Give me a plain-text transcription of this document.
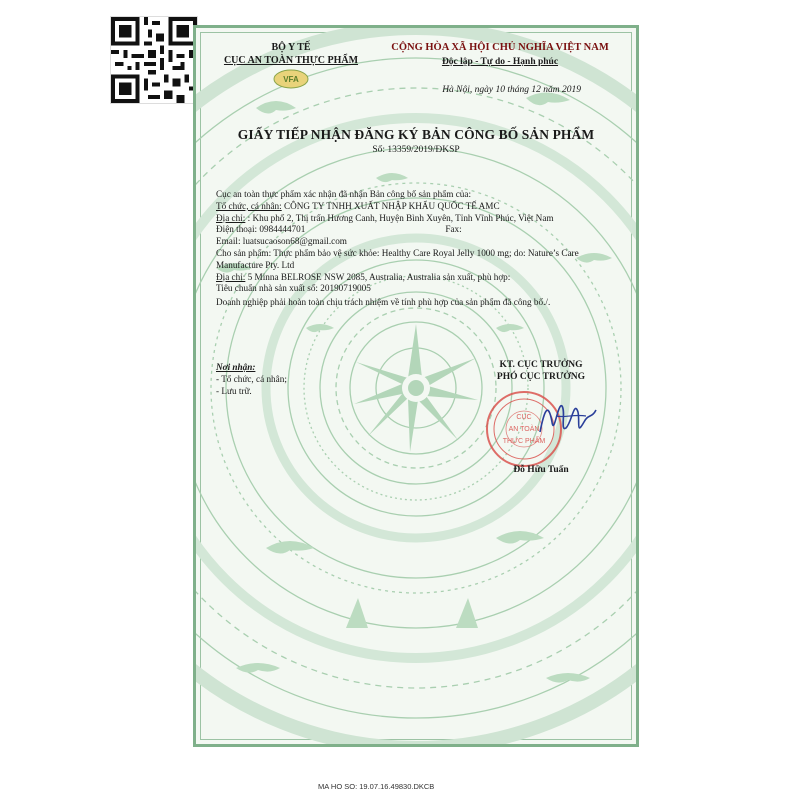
BỘ Y TẾ
CỤC AN TOÀN THỰC PHẨM
VFA
CỘNG HÒA XÃ HỘI CHỦ NGHĨA VIỆT NAM
Độc lập - Tự do - Hạnh phúc
Hà Nội, ngày 10 tháng 12 năm 2019
GIẤY TIẾP NHẬN ĐĂNG KÝ BẢN CÔNG BỐ SẢN PHẨM
Số: 13359/2019/ĐKSP

Cục an toàn thực phẩm xác nhận đã nhận Bản công bố sản phẩm của:

Tổ chức, cá nhân: CÔNG TY TNHH XUẤT NHẬP KHẨU QUỐC TẾ AMC

Địa chỉ: : Khu phố 2, Thị trấn Hương Canh, Huyện Bình Xuyên, Tỉnh Vĩnh Phúc, Việt Nam

Điện thoại: 0984444701	Fax:

Email: luatsucaoson68@gmail.com

Cho sản phẩm: Thực phẩm bảo vệ sức khỏe: Healthy Care Royal Jelly 1000 mg; do: Nature’s Care Manufacture Pty. Ltd

Địa chỉ: 5 Minna BELROSE NSW 2085, Australia, Australia sản xuất, phù hợp:

Tiêu chuẩn nhà sản xuất số: 20190719005

Doanh nghiệp phải hoàn toàn chịu trách nhiệm về tính phù hợp của sản phẩm đã công bố./.

Nơi nhận:
- Tổ chức, cá nhân;
- Lưu trữ.
KT. CỤC TRƯỞNG
PHÓ CỤC TRƯỞNG
CỤC
AN TOÀN
THỰC PHẨM
Đỗ Hữu Tuấn
MA HO SO: 19.07.16.49830.DKCB
